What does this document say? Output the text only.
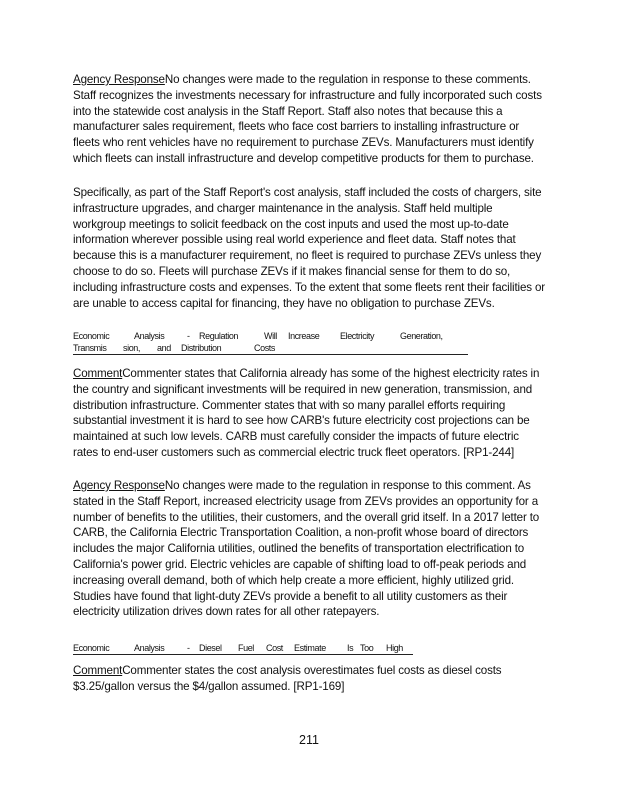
Agency ResponseNo changes were made to the regulation in response to these comments. Staff recognizes the investments necessary for infrastructure and fully incorporated such costs into the statewide cost analysis in the Staff Report. Staff also notes that because this a manufacturer sales requirement, fleets who face cost barriers to installing infrastructure or fleets who rent vehicles have no requirement to purchase ZEVs. Manufacturers must identify which fleets can install infrastructure and develop competitive products for them to purchase.

Specifically, as part of the Staff Report's cost analysis, staff included the costs of chargers, site infrastructure upgrades, and charger maintenance in the analysis. Staff held multiple workgroup meetings to solicit feedback on the cost inputs and used the most up-to-date information wherever possible using real world experience and fleet data. Staff notes that because this is a manufacturer requirement, no fleet is required to purchase ZEVs unless they choose to do so. Fleets will purchase ZEVs if it makes financial sense for them to do so, including infrastructure costs and expenses. To the extent that some fleets rent their facilities or are unable to access capital for financing, they have no obligation to purchase ZEVs.

Economic	Analysis	- Regulation	Will Increase Electricity	Generation,
Transmis sion, and Distribution	Costs

CommentCommenter states that California already has some of the highest electricity rates in the country and significant investments will be required in new generation, transmission, and distribution infrastructure. Commenter states that with so many parallel efforts requiring substantial investment it is hard to see how CARB's future electricity cost projections can be maintained at such low levels. CARB must carefully consider the impacts of future electric rates to end-user customers such as commercial electric truck fleet operators. [RP1-244]

Agency ResponseNo changes were made to the regulation in response to this comment. As stated in the Staff Report, increased electricity usage from ZEVs provides an opportunity for a number of benefits to the utilities, their customers, and the overall grid itself. In a 2017 letter to CARB, the California Electric Transportation Coalition, a non-profit whose board of directors includes the major California utilities, outlined the benefits of transportation electrification to California's power grid. Electric vehicles are capable of shifting load to off-peak periods and increasing overall demand, both of which help create a more efficient, highly utilized grid. Studies have found that light-duty ZEVs provide a benefit to all utility customers as their electricity utilization drives down rates for all other ratepayers.

Economic	Analysis	- Diesel Fuel Cost Estimate Is Too High

CommentCommenter states the cost analysis overestimates fuel costs as diesel costs $3.25/gallon versus the $4/gallon assumed. [RP1-169]

211
